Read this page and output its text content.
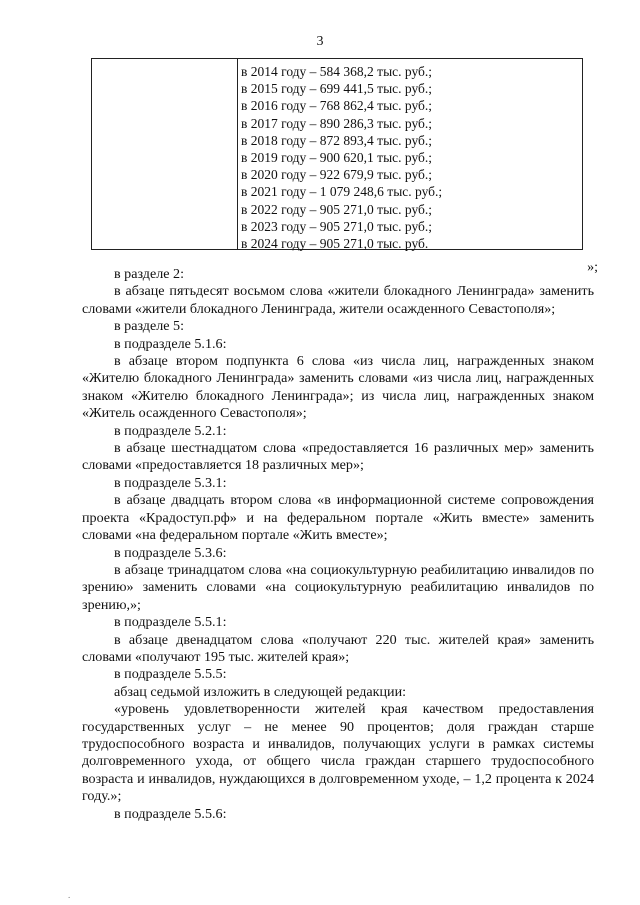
3
в 2014 году – 584 368,2 тыс. руб.;
в 2015 году – 699 441,5 тыс. руб.;
в 2016 году – 768 862,4 тыс. руб.;
в 2017 году – 890 286,3 тыс. руб.;
в 2018 году – 872 893,4 тыс. руб.;
в 2019 году – 900 620,1 тыс. руб.;
в 2020 году – 922 679,9 тыс. руб.;
в 2021 году – 1 079 248,6 тыс. руб.;
в 2022 году – 905 271,0 тыс. руб.;
в 2023 году – 905 271,0 тыс. руб.;
в 2024 году – 905 271,0 тыс. руб.
»;

в разделе 2:

в абзаце пятьдесят восьмом слова «жители блокадного Ленинграда» заменить словами «жители блокадного Ленинграда, жители осажденного Севастополя»;

в разделе 5:

в подразделе 5.1.6:

в абзаце втором подпункта 6 слова «из числа лиц, награжденных знаком «Жителю блокадного Ленинграда» заменить словами «из числа лиц, награжденных знаком «Жителю блокадного Ленинграда»; из числа лиц, награжденных знаком «Житель осажденного Севастополя»;

в подразделе 5.2.1:

в абзаце шестнадцатом слова «предоставляется 16 различных мер» заменить словами «предоставляется 18 различных мер»;

в подразделе 5.3.1:

в абзаце двадцать втором слова «в информационной системе сопровождения проекта «Крадоступ.рф» и на федеральном портале «Жить вместе» заменить словами «на федеральном портале «Жить вместе»;

в подразделе 5.3.6:

в абзаце тринадцатом слова «на социокультурную реабилитацию инвалидов по зрению» заменить словами «на социокультурную реабилитацию инвалидов по зрению,»;

в подразделе 5.5.1:

в абзаце двенадцатом слова «получают 220 тыс. жителей края» заменить словами «получают 195 тыс. жителей края»;

в подразделе 5.5.5:

абзац седьмой изложить в следующей редакции:

«уровень удовлетворенности жителей края качеством предоставления государственных услуг – не менее 90 процентов; доля граждан старше трудоспособного возраста и инвалидов, получающих услуги в рамках системы долговременного ухода, от общего числа граждан старшего трудоспособного возраста и инвалидов, нуждающихся в долговременном уходе, – 1,2 процента к 2024 году.»;

в подразделе 5.5.6:

.
